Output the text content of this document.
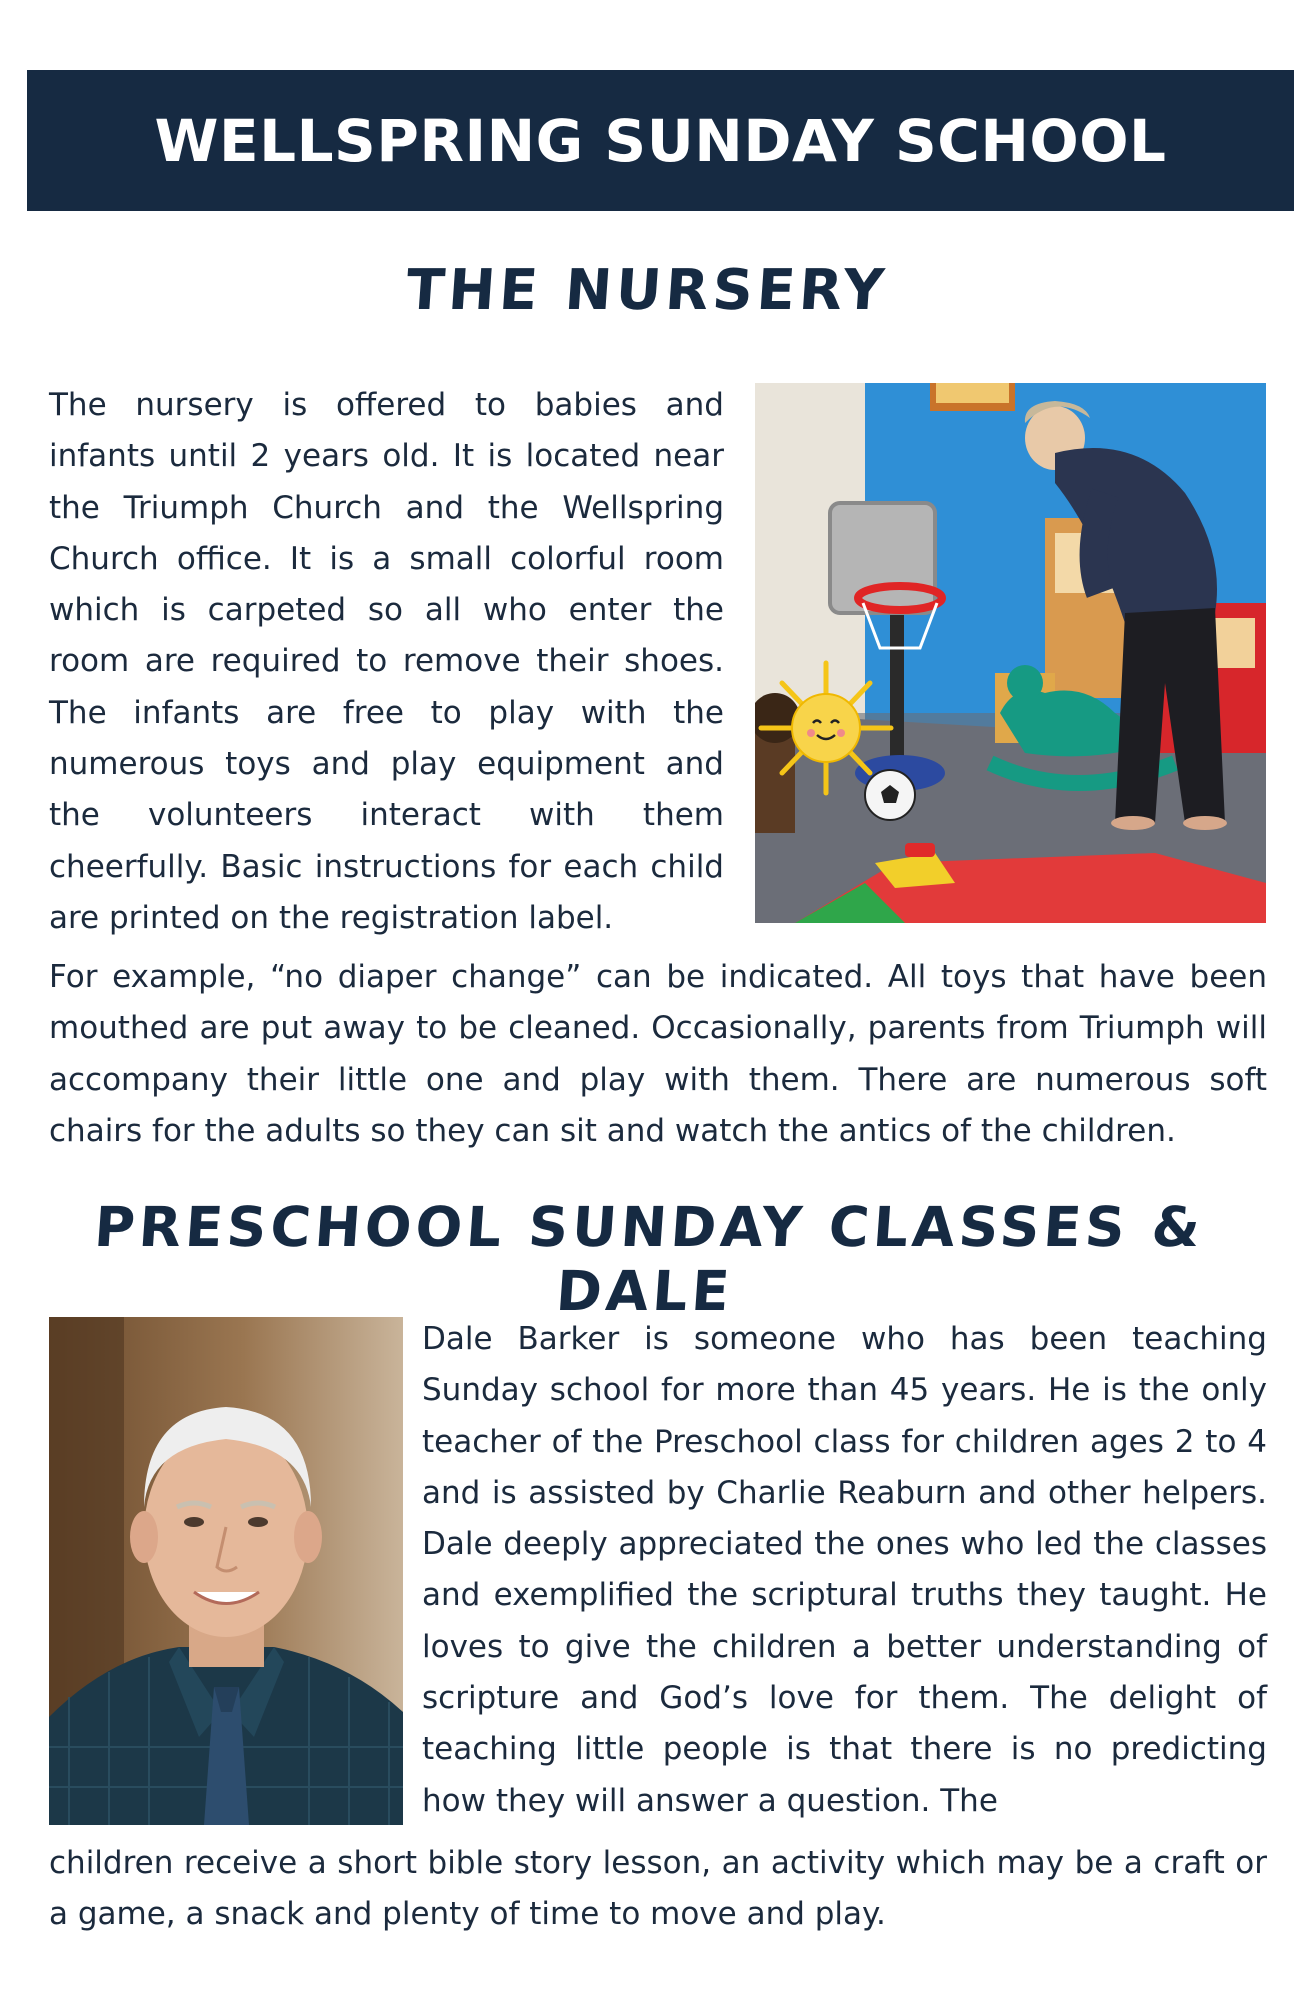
WELLSPRING SUNDAY SCHOOL
THE NURSERY

The nursery is offered to babies and infants until 2 years old. It is located near the Triumph Church and the Wellspring Church office. It is a small colorful room which is carpeted so all who enter the room are required to remove their shoes. The infants are free to play with the numerous toys and play equipment and the volunteers interact with them cheerfully. Basic instructions for each child are printed on the registration label.

For example, “no diaper change” can be indicated. All toys that have been mouthed are put away to be cleaned. Occasionally, parents from Triumph will accompany their little one and play with them. There are numerous soft chairs for the adults so they can sit and watch the antics of the children.

PRESCHOOL SUNDAY CLASSES & DALE

Dale Barker is someone who has been teaching Sunday school for more than 45 years. He is the only teacher of the Preschool class for children ages 2 to 4 and is assisted by Charlie Reaburn and other helpers. Dale deeply appreciated the ones who led the classes and exemplified the scriptural truths they taught. He loves to give the children a better understanding of scripture and God’s love for them. The delight of teaching little people is that there is no predicting how they will answer a question. The

children receive a short bible story lesson, an activity which may be a craft or a game, a snack and plenty of time to move and play.
